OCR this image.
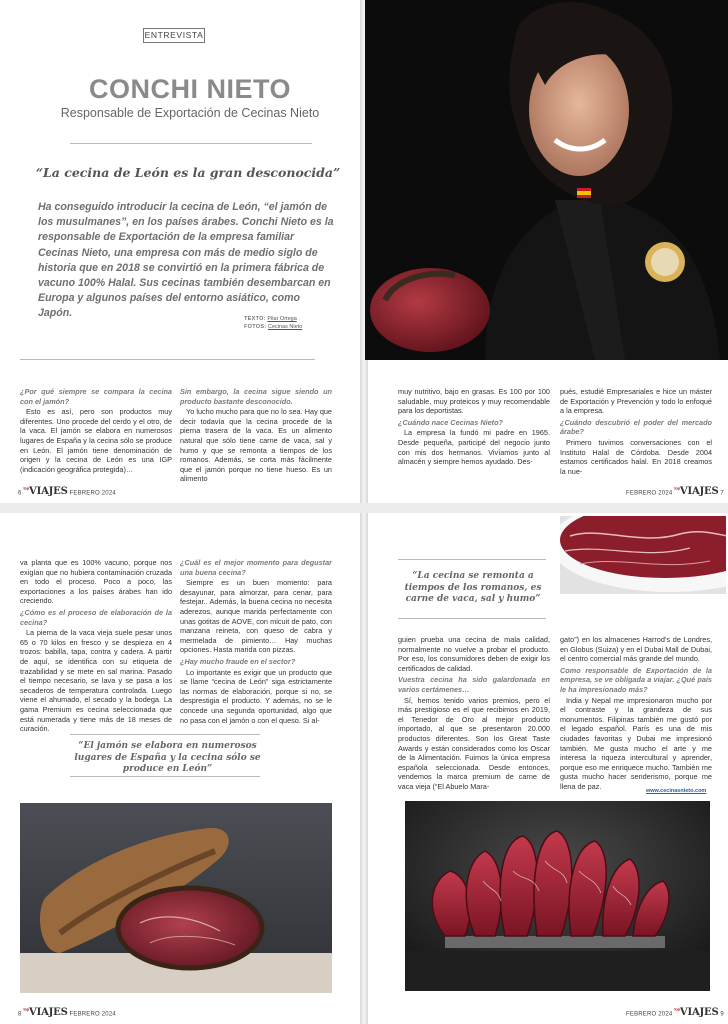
ENTREVISTA
CONCHI NIETO
Responsable de Exportación de Cecinas Nieto
“La cecina de León es la gran desconocida”
Ha conseguido introducir la cecina de León, “el jamón de los musulmanes”, en los países árabes. Conchi Nieto es la responsable de Exportación de la empresa familiar Cecinas Nieto, una empresa con más de medio siglo de historia que en 2018 se convirtió en la primera fábrica de vacuno 100% Halal. Sus cecinas también desembarcan en Europa y algunos países del entorno asiático, como Japón.	TEXTO: Pilar Ortega
FOTOS: Cecinas Nieto

¿Por qué siempre se compara la cecina con el jamón?

Esto es así, pero son productos muy diferentes. Uno procede del cerdo y el otro, de la vaca. El jamón se elabora en numerosos lugares de España y la cecina sólo se produce en León. El jamón tiene denominación de origen y la cecina de León es una IGP (indicación geográfica protegida)…

Sin embargo, la cecina sigue siendo un producto bastante desconocido.

Yo lucho mucho para que no lo sea. Hay que decir todavía que la cecina procede de la pierna trasera de la vaca. Es un alimento natural que sólo tiene carne de vaca, sal y humo y que se remonta a tiempos de los romanos. Además, se corta más fácilmente que el jamón porque no tiene hueso. Es un alimento

muy nutritivo, bajo en grasas. Es 100 por 100 saludable, muy proteicos y muy recomendable para los deportistas.

¿Cuándo nace Cecinas Nieto?

La empresa la fundó mi padre en 1965. Desde pequeña, participé del negocio junto con mis dos hermanos. Vivíamos junto al almacén y siempre hemos ayudado. Des-

pués, estudié Empresariales e hice un máster de Exportación y Prevención y todo lo enfoqué a la empresa.

¿Cuándo descubrió el poder del mercado árabe?

Primero tuvimos conversaciones con el Instituto Halal de Córdoba. Desde 2004 estamos certificados halal. En 2018 creamos la nue-

6 $^{top}$VIAJES FEBRERO 2024	FEBRERO 2024 $^{top}$VIAJES 7

va planta que es 100% vacuno, porque nos exigían que no hubiera contaminación cruzada en todo el proceso. Poco a poco, las exportaciones a los países árabes han ido creciendo.

¿Cómo es el proceso de elaboración de la cecina?

La pierna de la vaca vieja suele pesar unos 65 o 70 kilos en fresco y se despieza en 4 trozos: babilla, tapa, contra y cadera. A partir de aquí, se identifica con su etiqueta de trazabilidad y se mete en sal marina. Pasado el tiempo necesario, se lava y se pasa a los secaderos de temperatura controlada. Luego viene el ahumado, el secado y la bodega. La gama Premium es cecina seleccionada que está numerada y tiene más de 18 meses de curación.

¿Cuál es el mejor momento para degustar una buena cecina?

Siempre es un buen momento: para desayunar, para almorzar, para cenar, para festejar.. Además, la buena cecina no necesita aderezos, aunque marida perfectamente con unas gotitas de AOVE, con micuit de pato, con manzana reineta, con queso de cabra y mermelada de pimiento… Hay muchas opciones. Hasta marida con pizzas.

¿Hay mucho fraude en el sector?

Lo importante es exigir que un producto que se llame “cecina de León” siga estrictamente las normas de elaboración, porque si no, se desprestigia el producto. Y además, no se le concede una segunda oportunidad, algo que no pasa con el jamón o con el queso. Si al-

“El jamón se elabora en numerosos lugares de España y la cecina sólo se produce en León”
“La cecina se remonta a tiempos de los romanos, es carne de vaca, sal y humo”

guien prueba una cecina de mala calidad, normalmente no vuelve a probar el producto. Por eso, los consumidores deben de exigir los certificados de calidad.

Vuestra cecina ha sido galardonada en varios certámenes…

Sí, hemos tenido varios premios, pero el más prestigioso es el que recibimos en 2019, el Tenedor de Oro al mejor producto importado, al que se presentaron 20.000 productos diferentes. Son los Great Taste Awards y están considerados como los Oscar de la Alimentación. Fuimos la única empresa española seleccionada. Desde entonces, vendemos la marca premium de carne de vaca vieja (“El Abuelo Mara-

gato”) en los almacenes Harrod’s de Londres, en Globus (Suiza) y en el Dubai Mall de Dubai, el centro comercial más grande del mundo.

Como responsable de Exportación de la empresa, se ve obligada a viajar. ¿Qué país le ha impresionado más?

India y Nepal me impresionaron mucho por el contraste y la grandeza de sus monumentos. Filipinas también me gustó por el legado español. París es una de mis ciudades favoritas y Dubai me impresionó también. Me gusta mucho el arte y me interesa la riqueza intercultural y aprender, porque eso me enriquece mucho. También me gusta mucho hacer senderismo, porque me llena de paz.

www.cecinasnieto.com
8 $^{top}$VIAJES FEBRERO 2024	FEBRERO 2024 $^{top}$VIAJES 9
